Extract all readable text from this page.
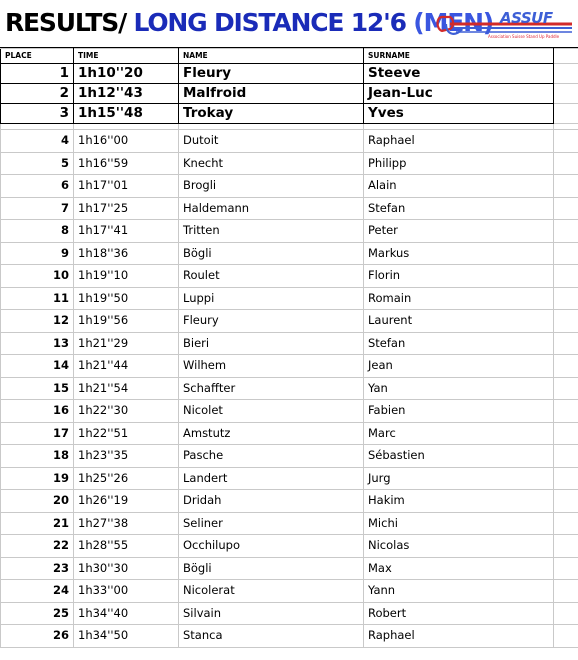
RESULTS/ LONG DISTANCE 12'6 (MEN) ASSUF
Association Suisse Stand Up Paddle
PLACE	TIME	NAME	SURNAME	
1	1h10''20	Fleury	Steeve	
2	1h12''43	Malfroid	Jean-Luc	
3	1h15''48	Trokay	Yves	

4	1h16''00	Dutoit	Raphael	
5	1h16''59	Knecht	Philipp	
6	1h17''01	Brogli	Alain	
7	1h17''25	Haldemann	Stefan	
8	1h17''41	Tritten	Peter	
9	1h18''36	Bögli	Markus	
10	1h19''10	Roulet	Florin	
11	1h19''50	Luppi	Romain	
12	1h19''56	Fleury	Laurent	
13	1h21''29	Bieri	Stefan	
14	1h21''44	Wilhem	Jean	
15	1h21''54	Schaffter	Yan	
16	1h22''30	Nicolet	Fabien	
17	1h22''51	Amstutz	Marc	
18	1h23''35	Pasche	Sébastien	
19	1h25''26	Landert	Jurg	
20	1h26''19	Dridah	Hakim	
21	1h27''38	Seliner	Michi	
22	1h28''55	Occhilupo	Nicolas	
23	1h30''30	Bögli	Max	
24	1h33''00	Nicolerat	Yann	
25	1h34''40	Silvain	Robert	
26	1h34''50	Stanca	Raphael	
